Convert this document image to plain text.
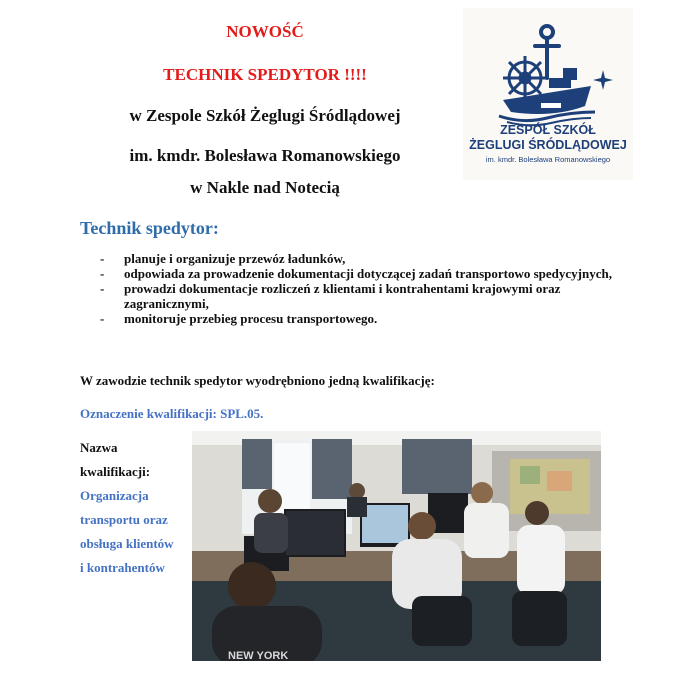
NOWOŚĆ
TECHNIK SPEDYTOR !!!!
w Zespole Szkół Żeglugi Śródlądowej
im. kmdr. Bolesława Romanowskiego
w Nakle nad Notecią
ZESPÓŁ SZKÓŁ
ŻEGLUGI ŚRÓDLĄDOWEJ
im. kmdr. Bolesława Romanowskiego
Technik spedytor:
- planuje i organizuje przewóz ładunków,
- odpowiada za prowadzenie dokumentacji dotyczącej zadań transportowo spedycyjnych,
- prowadzi dokumentacje rozliczeń z klientami i kontrahentami krajowymi oraz zagranicznymi,
- monitoruje przebieg procesu transportowego.
W zawodzie technik spedytor wyodrębniono jedną kwalifikację:
Oznaczenie kwalifikacji: SPL.05.
Nazwa
kwalifikacji:
Organizacja
transportu oraz
obsługa klientów
i kontrahentów
NEW YORK
